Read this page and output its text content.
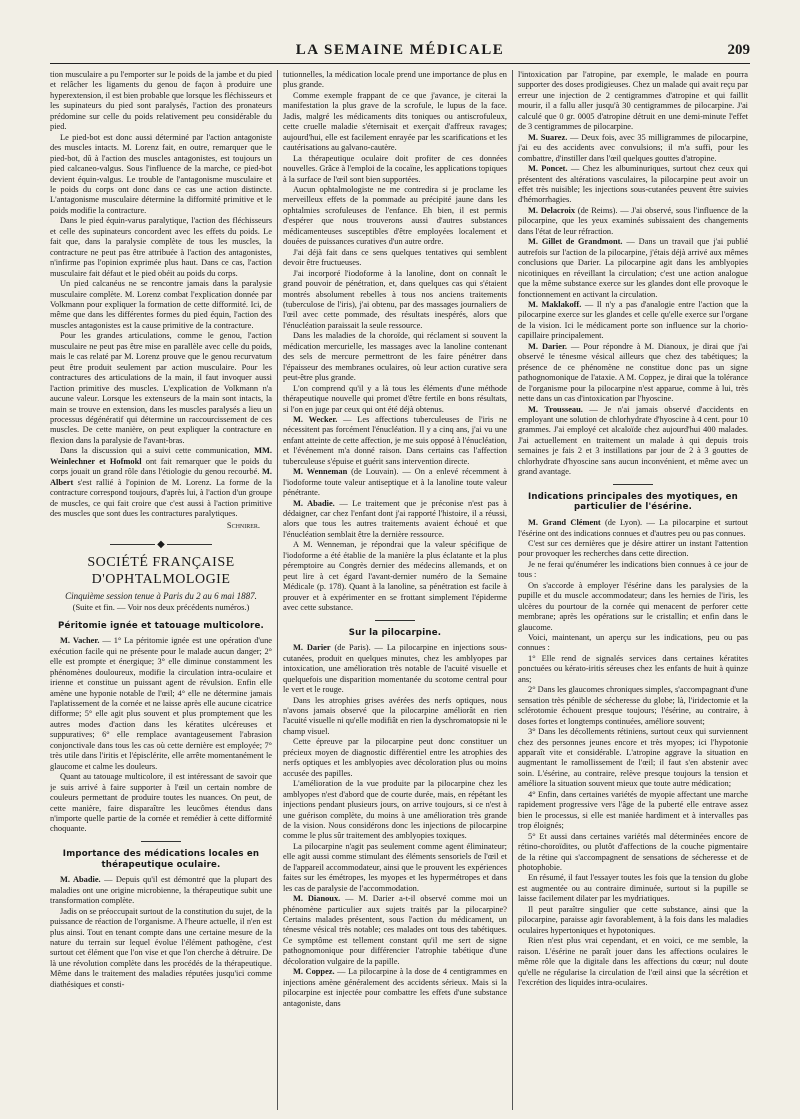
LA SEMAINE MÉDICALE	209

tion musculaire a pu l'emporter sur le poids de la jambe et du pied et relâcher les ligaments du genou de façon à produire une hyperextension, il est bien probable que lorsque les fléchisseurs et les supinateurs du pied sont paralysés, l'action des pronateurs prédomine sur celle du poids relativement peu considérable du pied.

Le pied-bot est donc aussi déterminé par l'action antagoniste des muscles intacts. M. Lorenz fait, en outre, remarquer que le pied-bot, dû à l'action des muscles antagonistes, est toujours un pied calcaneo-valgus. Sous l'influence de la marche, ce pied-bot devient équin-valgus. Le trouble de l'antagonisme musculaire et le poids du corps ont donc dans ce cas une action distincte. L'antagonisme musculaire détermine la difformité primitive et le poids modifie la contracture.

Dans le pied équin-varus paralytique, l'action des fléchisseurs et celle des supinateurs concordent avec les effets du poids. Le fait que, dans la paralysie complète de tous les muscles, la contracture ne peut pas être attribuée à l'action des antagonistes, n'infirme pas l'opinion exprimée plus haut. Dans ce cas, l'action musculaire fait défaut et le pied obéit au poids du corps.

Un pied calcanéus ne se rencontre jamais dans la paralysie musculaire complète. M. Lorenz combat l'explication donnée par Volkmann pour expliquer la formation de cette difformité. Ici, de même que dans les différentes formes du pied équin, l'action des muscles antagonistes est la cause primitive de la contracture.

Pour les grandes articulations, comme le genou, l'action musculaire ne peut pas être mise en parallèle avec celle du poids, mais le cas relaté par M. Lorenz prouve que le genou recurvatum peut être produit seulement par action musculaire. Pour les contractures des articulations de la main, il faut invoquer aussi l'action primitive des muscles. L'explication de Volkmann n'a aucune valeur. Lorsque les extenseurs de la main sont intacts, la main se trouve en extension, dans les muscles paralysés a lieu un processus dégénératif qui détermine un raccourcissement de ces muscles. De cette manière, on peut expliquer la contracture en flexion dans la paralysie de l'avant-bras.

Dans la discussion qui a suivi cette communication, MM. Weinlechner et Hofmokl ont fait remarquer que le poids du corps jouait un grand rôle dans l'étiologie du genou recourbé. M. Albert s'est rallié à l'opinion de M. Lorenz. La forme de la contracture correspond toujours, d'après lui, à l'action d'un groupe de muscles, ce qui fait croire que c'est aussi à l'action primitive des muscles que sont dues les contractures paralytiques.

Schnirer.

◆

SOCIÉTÉ FRANÇAISE D'OPHTALMOLOGIE

Cinquième session tenue à Paris du 2 au 6 mai 1887.

(Suite et fin. — Voir nos deux précédents numéros.)

Péritomie ignée et tatouage multicolore.

M. Vacher. — 1° La péritomie ignée est une opération d'une exécution facile qui ne présente pour le malade aucun danger; 2° elle est prompte et énergique; 3° elle diminue constamment les phénomènes douloureux, modifie la circulation intra-oculaire et irienne et constitue un puissant agent de révulsion. Enfin elle amène une hyponie notable de l'œil; 4° elle ne détermine jamais l'aplatissement de la cornée et ne laisse après elle aucune cicatrice difforme; 5° elle agit plus souvent et plus promptement que les autres modes d'action dans les kératites ulcéreuses et suppuratives; 6° elle remplace avantageusement l'abrasion conjonctivale dans tous les cas où cette dernière est employée; 7° très utile dans l'iritis et l'épisclérite, elle arrête momentanément le glaucome et calme les douleurs.

Quant au tatouage multicolore, il est intéressant de savoir que je suis arrivé à faire supporter à l'œil un certain nombre de couleurs permettant de produire toutes les nuances. On peut, de cette manière, faire disparaître les leucômes étendus dans n'importe quelle partie de la cornée et remédier à cette difformité choquante.

Importance des médications locales en thérapeutique oculaire.

M. Abadie. — Depuis qu'il est démontré que la plupart des maladies ont une origine microbienne, la thérapeutique subit une transformation complète.

Jadis on se préoccupait surtout de la constitution du sujet, de la puissance de réaction de l'organisme. A l'heure actuelle, il n'en est plus ainsi. Tout en tenant compte dans une certaine mesure de la nature du terrain sur lequel évolue l'élément pathogène, c'est surtout cet élément que l'on vise et que l'on cherche à détruire. De là une révolution complète dans les procédés de la thérapeutique. Même dans le traitement des maladies réputées jusqu'ici comme diathésiques et consti-

tutionnelles, la médication locale prend une importance de plus en plus grande.

Comme exemple frappant de ce que j'avance, je citerai la manifestation la plus grave de la scrofule, le lupus de la face. Jadis, malgré les médicaments dits toniques ou antiscrofuleux, cette cruelle maladie s'éternisait et exerçait d'affreux ravages; aujourd'hui, elle est facilement enrayée par les scarifications et les cautérisations au galvano-cautère.

La thérapeutique oculaire doit profiter de ces données nouvelles. Grâce à l'emploi de la cocaïne, les applications topiques à la surface de l'œil sont bien supportées.

Aucun ophtalmologiste ne me contredira si je proclame les merveilleux effets de la pommade au précipité jaune dans les ophtalmies scrofuleuses de l'enfance. Eh bien, il est permis d'espérer que nous trouverons aussi d'autres substances médicamenteuses susceptibles d'être employées localement et douées de puissances curatives d'un autre ordre.

J'ai déjà fait dans ce sens quelques tentatives qui semblent devoir être fructueuses.

J'ai incorporé l'iodoforme à la lanoline, dont on connaît le grand pouvoir de pénétration, et, dans quelques cas qui s'étaient montrés absolument rebelles à tous nos anciens traitements (tuberculose de l'iris), j'ai obtenu, par des massages journaliers de l'œil avec cette pommade, des résultats inespérés, alors que l'énucléation paraissait la seule ressource.

Dans les maladies de la choroïde, qui réclament si souvent la médication mercurielle, les massages avec la lanoline contenant des sels de mercure permettront de les faire pénétrer dans l'épaisseur des membranes oculaires, où leur action curative sera peut-être plus grande.

L'on comprend qu'il y a là tous les éléments d'une méthode thérapeutique nouvelle qui promet d'être fertile en bons résultats, si l'on en juge par ceux qui ont été déjà obtenus.

M. Wecker. — Les affections tuberculeuses de l'iris ne nécessitent pas forcément l'énucléation. Il y a cinq ans, j'ai vu une enfant atteinte de cette affection, je me suis opposé à l'énucléation, et l'événement m'a donné raison. Dans certains cas l'affection tuberculeuse s'épuise et guérit sans intervention directe.

M. Wenneman (de Louvain). — On a enlevé récemment à l'iodoforme toute valeur antiseptique et à la lanoline toute valeur pénétrante.

M. Abadie. — Le traitement que je préconise n'est pas à dédaigner, car chez l'enfant dont j'ai rapporté l'histoire, il a réussi, alors que tous les autres traitements avaient échoué et que l'énucléation semblait être la dernière ressource.

A M. Wenneman, je répondrai que la valeur spécifique de l'iodoforme a été établie de la manière la plus éclatante et la plus péremptoire au Congrès dernier des médecins allemands, et on peut lire à cet égard l'avant-dernier numéro de la Semaine Médicale (p. 178). Quant à la lanoline, sa pénétration est facile à prouver et à expérimenter en se frottant simplement l'épiderme avec cette substance.

Sur la pilocarpine.

M. Darier (de Paris). — La pilocarpine en injections sous-cutanées, produit en quelques minutes, chez les amblyopes par intoxication, une amélioration très notable de l'acuité visuelle et quelquefois une disparition momentanée du scotome central pour le vert et le rouge.

Dans les atrophies grises avérées des nerfs optiques, nous n'avons jamais observé que la pilocarpine améliorât en rien l'acuité visuelle ni qu'elle modifiât en rien la dyschromatopsie ni le champ visuel.

Cette épreuve par la pilocarpine peut donc constituer un précieux moyen de diagnostic différentiel entre les atrophies des nerfs optiques et les amblyopies avec décoloration plus ou moins accusée des papilles.

L'amélioration de la vue produite par la pilocarpine chez les amblyopes n'est d'abord que de courte durée, mais, en répétant les injections pendant plusieurs jours, on arrive toujours, si ce n'est à une guérison complète, du moins à une amélioration très grande de la vision. Nous considérons donc les injections de pilocarpine comme le plus sûr traitement des amblyopies toxiques.

La pilocarpine n'agit pas seulement comme agent éliminateur; elle agit aussi comme stimulant des éléments sensoriels de l'œil et de l'appareil accommodateur, ainsi que le prouvent les expériences faites sur les émétropes, les myopes et les hypermétropes et dans les cas de paralysie de l'accommodation.

M. Dianoux. — M. Darier a-t-il observé comme moi un phénomène particulier aux sujets traités par la pilocarpine? Certains malades présentent, sous l'action du médicament, un ténesme vésical très notable; ces malades ont tous des tabétiques. Ce symptôme est tellement constant qu'il me sert de signe pathognomonique pour différencier l'atrophie tabétique d'une décoloration vulgaire de la papille.

M. Coppez. — La pilocarpine à la dose de 4 centigrammes en injections amène généralement des accidents sérieux. Mais si la pilocarpine est injectée pour combattre les effets d'une substance antagoniste, dans

l'intoxication par l'atropine, par exemple, le malade en pourra supporter des doses prodigieuses. Chez un malade qui avait reçu par erreur une injection de 2 centigrammes d'atropine et qui faillit mourir, il a fallu aller jusqu'à 30 centigrammes de pilocarpine. J'ai calculé que 0 gr. 0005 d'atropine détruit en une demi-minute l'effet de 3 centigrammes de pilocarpine.

M. Suarez. — Deux fois, avec 35 milligrammes de pilocarpine, j'ai eu des accidents avec convulsions; il m'a suffi, pour les combattre, d'instiller dans l'œil quelques gouttes d'atropine.

M. Poncet. — Chez les albuminuriques, surtout chez ceux qui présentent des altérations vasculaires, la pilocarpine peut avoir un effet très nuisible; les injections sous-cutanées peuvent être suivies d'hémorrhagies.

M. Delacroix (de Reims). — J'ai observé, sous l'influence de la pilocarpine, que les yeux examinés subissaient des changements dans l'état de leur réfraction.

M. Gillet de Grandmont. — Dans un travail que j'ai publié autrefois sur l'action de la pilocarpine, j'étais déjà arrivé aux mêmes conclusions que Darier. La pilocarpine agit dans les amblyopies nicotiniques en réveillant la circulation; c'est une action analogue que la même substance exerce sur les glandes dont elle provoque le fonctionnement en activant la circulation.

M. Maklakoff. — Il n'y a pas d'analogie entre l'action que la pilocarpine exerce sur les glandes et celle qu'elle exerce sur l'organe de la vision. Ici le médicament porte son influence sur la chorio-capillaire principalement.

M. Darier. — Pour répondre à M. Dianoux, je dirai que j'ai observé le ténesme vésical ailleurs que chez des tabétiques; la présence de ce phénomène ne constitue donc pas un signe pathognomonique de l'ataxie. A M. Coppez, je dirai que la tolérance de l'organisme pour la pilocarpine n'est apparue, comme à lui, très nette dans un cas d'intoxication par l'hyoscine.

M. Trousseau. — Je n'ai jamais observé d'accidents en employant une solution de chlorhydrate d'hyoscine à 4 cent. pour 10 grammes. J'ai employé cet alcaloïde chez aujourd'hui 400 malades. J'ai actuellement en traitement un malade à qui depuis trois semaines je fais 2 et 3 instillations par jour de 2 à 3 gouttes de chlorhydrate d'hyoscine sans aucun inconvénient, et même avec un grand avantage.

Indications principales des myotiques, en particulier de l'ésérine.

M. Grand Clément (de Lyon). — La pilocarpine et surtout l'ésérine ont des indications connues et d'autres peu ou pas connues.

C'est sur ces dernières que je désire attirer un instant l'attention pour provoquer les recherches dans cette direction.

Je ne ferai qu'énumérer les indications bien connues à ce jour de tous :

On s'accorde à employer l'ésérine dans les paralysies de la pupille et du muscle accommodateur; dans les hernies de l'iris, les ulcères du pourtour de la cornée qui menacent de perforer cette membrane; après les opérations sur le cristallin; et enfin dans le glaucome.

Voici, maintenant, un aperçu sur les indications, peu ou pas connues :

1° Elle rend de signalés services dans certaines kératites ponctuées ou kérato-iritis séreuses chez les enfants de huit à quinze ans;

2° Dans les glaucomes chroniques simples, s'accompagnant d'une sensation très pénible de sécheresse du globe; là, l'iridectomie et la sclérotomie échouent presque toujours; l'ésérine, au contraire, à doses fortes et longtemps continuées, améliore souvent;

3° Dans les décollements rétiniens, surtout ceux qui surviennent chez des personnes jeunes encore et très myopes; ici l'hypotonie apparaît vite et considérable. L'atropine aggrave la situation en augmentant le ramollissement de l'œil; il faut s'en abstenir avec soin. L'ésérine, au contraire, relève presque toujours la tension et améliore la situation souvent mieux que toute autre médication;

4° Enfin, dans certaines variétés de myopie affectant une marche rapidement progressive vers l'âge de la puberté elle entrave assez bien le processus, si elle est maniée hardiment et à intervalles pas trop éloignés;

5° Et aussi dans certaines variétés mal déterminées encore de rétino-choroïdites, ou plutôt d'affections de la couche pigmentaire de la rétine qui s'accompagnent de sensations de sécheresse et de photophobie.

En résumé, il faut l'essayer toutes les fois que la tension du globe est augmentée ou au contraire diminuée, surtout si la pupille se laisse facilement dilater par les mydriatiques.

Il peut paraître singulier que cette substance, ainsi que la pilocarpine, paraisse agir favorablement, à la fois dans les maladies oculaires hypertoniques et hypotoniques.

Rien n'est plus vrai cependant, et en voici, ce me semble, la raison. L'ésérine ne paraît jouer dans les affections oculaires le même rôle que la digitale dans les affections du cœur; nul doute qu'elle ne régularise la circulation de l'œil ainsi que la sécrétion et l'excrétion des liquides intra-oculaires.
